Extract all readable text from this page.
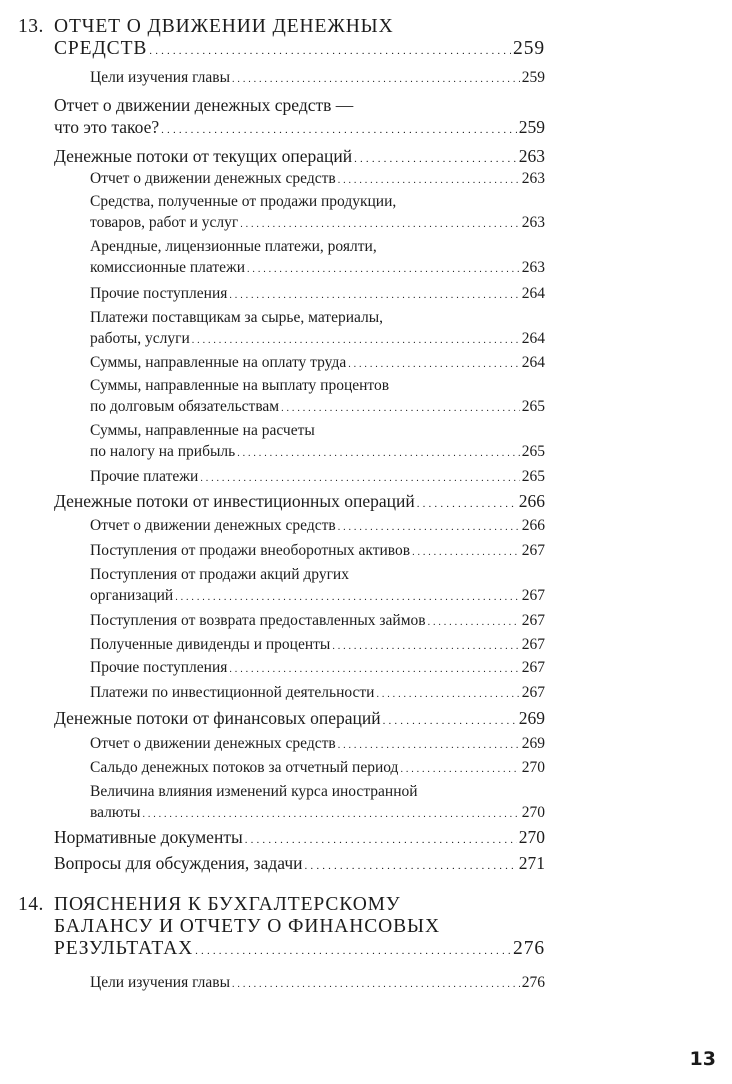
13. ОТЧЕТ О ДВИЖЕНИИ ДЕНЕЖНЫХ
СРЕДСТВ . . .	259
Цели изучения главы . . .	259
Отчет о движении денежных средств —
что это такое? . . .	259
Денежные потоки от текущих операций . . .	263
Отчет о движении денежных средств . . .	263
Средства, полученные от продажи продукции,
товаров, работ и услуг . . .	263
Арендные, лицензионные платежи, роялти,
комиссионные платежи . . .	263
Прочие поступления . . .	264
Платежи поставщикам за сырье, материалы,
работы, услуги . . .	264
Суммы, направленные на оплату труда . . .	264
Суммы, направленные на выплату процентов
по долговым обязательствам . . .	265
Суммы, направленные на расчеты
по налогу на прибыль . . .	265
Прочие платежи . . .	265
Денежные потоки от инвестиционных операций . . .	266
Отчет о движении денежных средств . . .	266
Поступления от продажи внеоборотных активов . . .	267
Поступления от продажи акций других
организаций . . .	267
Поступления от возврата предоставленных займов . . .	267
Полученные дивиденды и проценты . . .	267
Прочие поступления . . .	267
Платежи по инвестиционной деятельности . . .	267
Денежные потоки от финансовых операций . . .	269
Отчет о движении денежных средств . . .	269
Сальдо денежных потоков за отчетный период . . .	270
Величина влияния изменений курса иностранной
валюты . . .	270
Нормативные документы . . .	270
Вопросы для обсуждения, задачи . . .	271
14. ПОЯСНЕНИЯ К БУХГАЛТЕРСКОМУ
БАЛАНСУ И ОТЧЕТУ О ФИНАНСОВЫХ
РЕЗУЛЬТАТАХ . . .	276
Цели изучения главы . . .	276
13
